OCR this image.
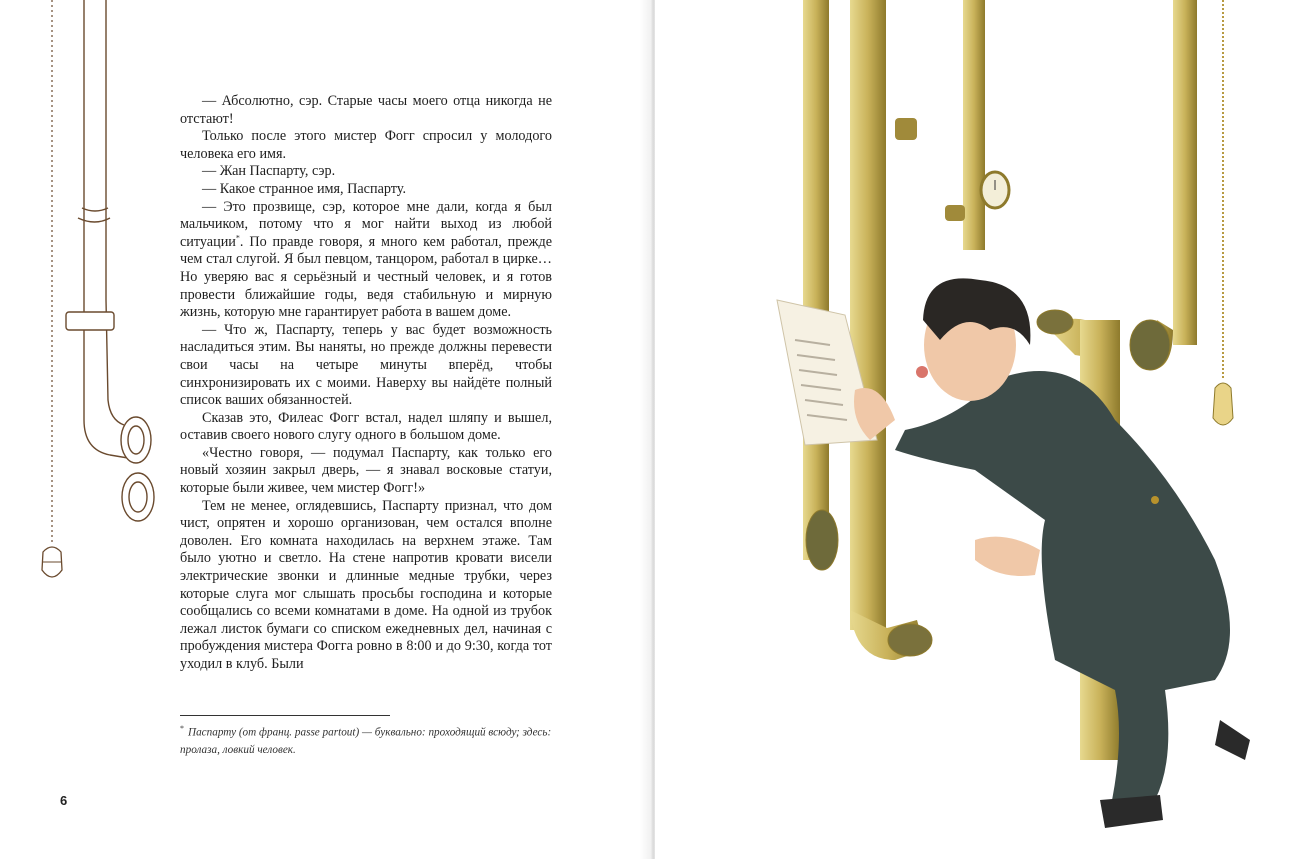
— Абсолютно, сэр. Старые часы моего отца никогда не отстают!

Только после этого мистер Фогг спросил у молодого человека его имя.

— Жан Паспарту, сэр.

— Какое странное имя, Паспарту.

— Это прозвище, сэр, которое мне дали, когда я был мальчиком, потому что я мог найти выход из любой ситуации*. По правде говоря, я много кем работал, прежде чем стал слугой. Я был певцом, танцором, работал в цирке… Но уверяю вас я серьёзный и честный человек, и я готов провести ближайшие годы, ведя стабильную и мирную жизнь, которую мне гарантирует работа в вашем доме.

— Что ж, Паспарту, теперь у вас будет возможность насладиться этим. Вы наняты, но прежде должны перевести свои часы на четыре минуты вперёд, чтобы синхронизировать их с моими. Наверху вы найдёте полный список ваших обязанностей.

Сказав это, Филеас Фогг встал, надел шляпу и вышел, оставив своего нового слугу одного в большом доме.

«Честно говоря, — подумал Паспарту, как только его новый хозяин закрыл дверь, — я знавал восковые статуи, которые были живее, чем мистер Фогг!»

Тем не менее, оглядевшись, Паспарту признал, что дом чист, опрятен и хорошо организован, чем остался вполне доволен. Его комната находилась на верхнем этаже. Там было уютно и светло. На стене напротив кровати висели электрические звонки и длинные медные трубки, через которые слуга мог слышать просьбы господина и которые сообщались со всеми комнатами в доме. На одной из трубок лежал листок бумаги со списком ежедневных дел, начиная с пробуждения мистера Фогга ровно в 8:00 и до 9:30, когда тот уходил в клуб. Были

* Паспарту (от франц. passe partout) — буквально: проходящий всюду; здесь: пролаза, ловкий человек.
6
